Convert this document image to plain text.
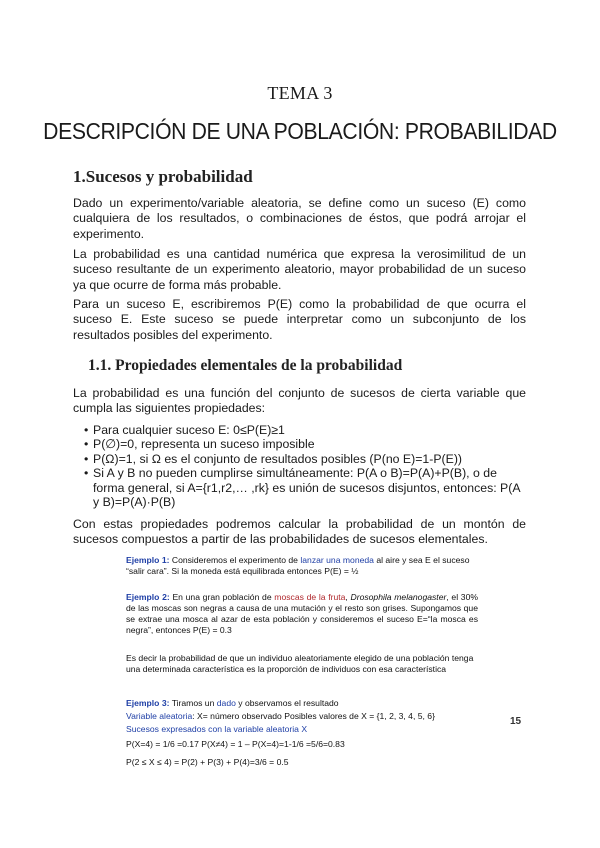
TEMA 3
DESCRIPCIÓN DE UNA POBLACIÓN: PROBABILIDAD
1.Sucesos y probabilidad

Dado un experimento/variable aleatoria, se define como un suceso (E) como cualquiera de los resultados, o combinaciones de éstos, que podrá arrojar el experimento.

La probabilidad es una cantidad numérica que expresa la verosimilitud de un suceso resultante de un experimento aleatorio, mayor probabilidad de un suceso ya que ocurre de forma más probable.

Para un suceso E, escribiremos P(E) como la probabilidad de que ocurra el suceso E. Este suceso se puede interpretar como un subconjunto de los resultados posibles del experimento.

1.1. Propiedades elementales de la probabilidad

La probabilidad es una función del conjunto de sucesos de cierta variable que cumpla las siguientes propiedades:

• Para cualquier suceso E: 0≤P(E)≥1
• P(∅)=0, representa un suceso imposible
• P(Ω)=1, si Ω es el conjunto de resultados posibles (P(no E)=1-P(E))
• Si A y B no pueden cumplirse simultáneamente: P(A o B)=P(A)+P(B), o de forma general, si A={r1,r2,… ,rk} es unión de sucesos disjuntos, entonces: P(A y B)=P(A)·P(B)

Con estas propiedades podremos calcular la probabilidad de un montón de sucesos compuestos a partir de las probabilidades de sucesos elementales.

Ejemplo 1: Consideremos el experimento de lanzar una moneda al aire y sea E el suceso “salir cara”. Si la moneda está equilibrada entonces P(E) = ½
Ejemplo 2: En una gran población de moscas de la fruta, Drosophila melanogaster, el 30% de las moscas son negras a causa de una mutación y el resto son grises. Supongamos que se extrae una mosca al azar de esta población y consideremos el suceso E=“la mosca es negra”, entonces P(E) = 0.3
Es decir la probabilidad de que un individuo aleatoriamente elegido de una población tenga una determinada característica es la proporción de individuos con esa característica
Ejemplo 3: Tiramos un dado y observamos el resultado
Variable aleatoria: X= número observado Posibles valores de X = {1, 2, 3, 4, 5, 6}
Sucesos expresados con la variable aleatoria X
P(X=4) = 1/6 =0.17 P(X≠4) = 1 – P(X=4)=1-1/6 =5/6=0.83
P(2 ≤ X ≤ 4) = P(2) + P(3) + P(4)=3/6 = 0.5
15
